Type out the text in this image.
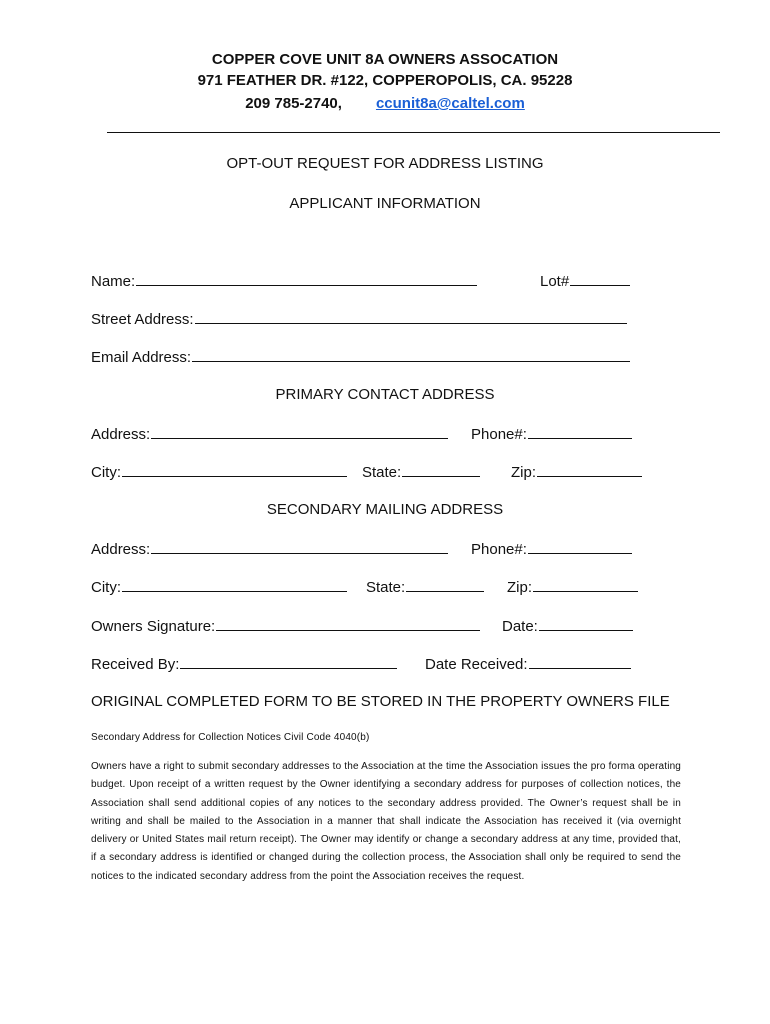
COPPER COVE UNIT 8A OWNERS ASSOCATION
971 FEATHER DR. #122, COPPEROPOLIS, CA. 95228
209 785-2740, ccunit8a@caltel.com
OPT-OUT REQUEST FOR ADDRESS LISTING
APPLICANT INFORMATION
Name:	Lot#
Street Address:
Email Address:
PRIMARY CONTACT ADDRESS
Address:	Phone#:
City:	State:	Zip:
SECONDARY MAILING ADDRESS
Address:	Phone#:
City:	State:	Zip:
Owners Signature:	Date:
Received By:	Date Received:
ORIGINAL COMPLETED FORM TO BE STORED IN THE PROPERTY OWNERS FILE
Secondary Address for Collection Notices Civil Code 4040(b)
Owners have a right to submit secondary addresses to the Association at the time the Association issues the pro forma operating budget. Upon receipt of a written request by the Owner identifying a secondary address for purposes of collection notices, the Association shall send additional copies of any notices to the secondary address provided. The Owner’s request shall be in writing and shall be mailed to the Association in a manner that shall indicate the Association has received it (via overnight delivery or United States mail return receipt). The Owner may identify or change a secondary address at any time, provided that, if a secondary address is identified or changed during the collection process, the Association shall only be required to send the notices to the indicated secondary address from the point the Association receives the request.
